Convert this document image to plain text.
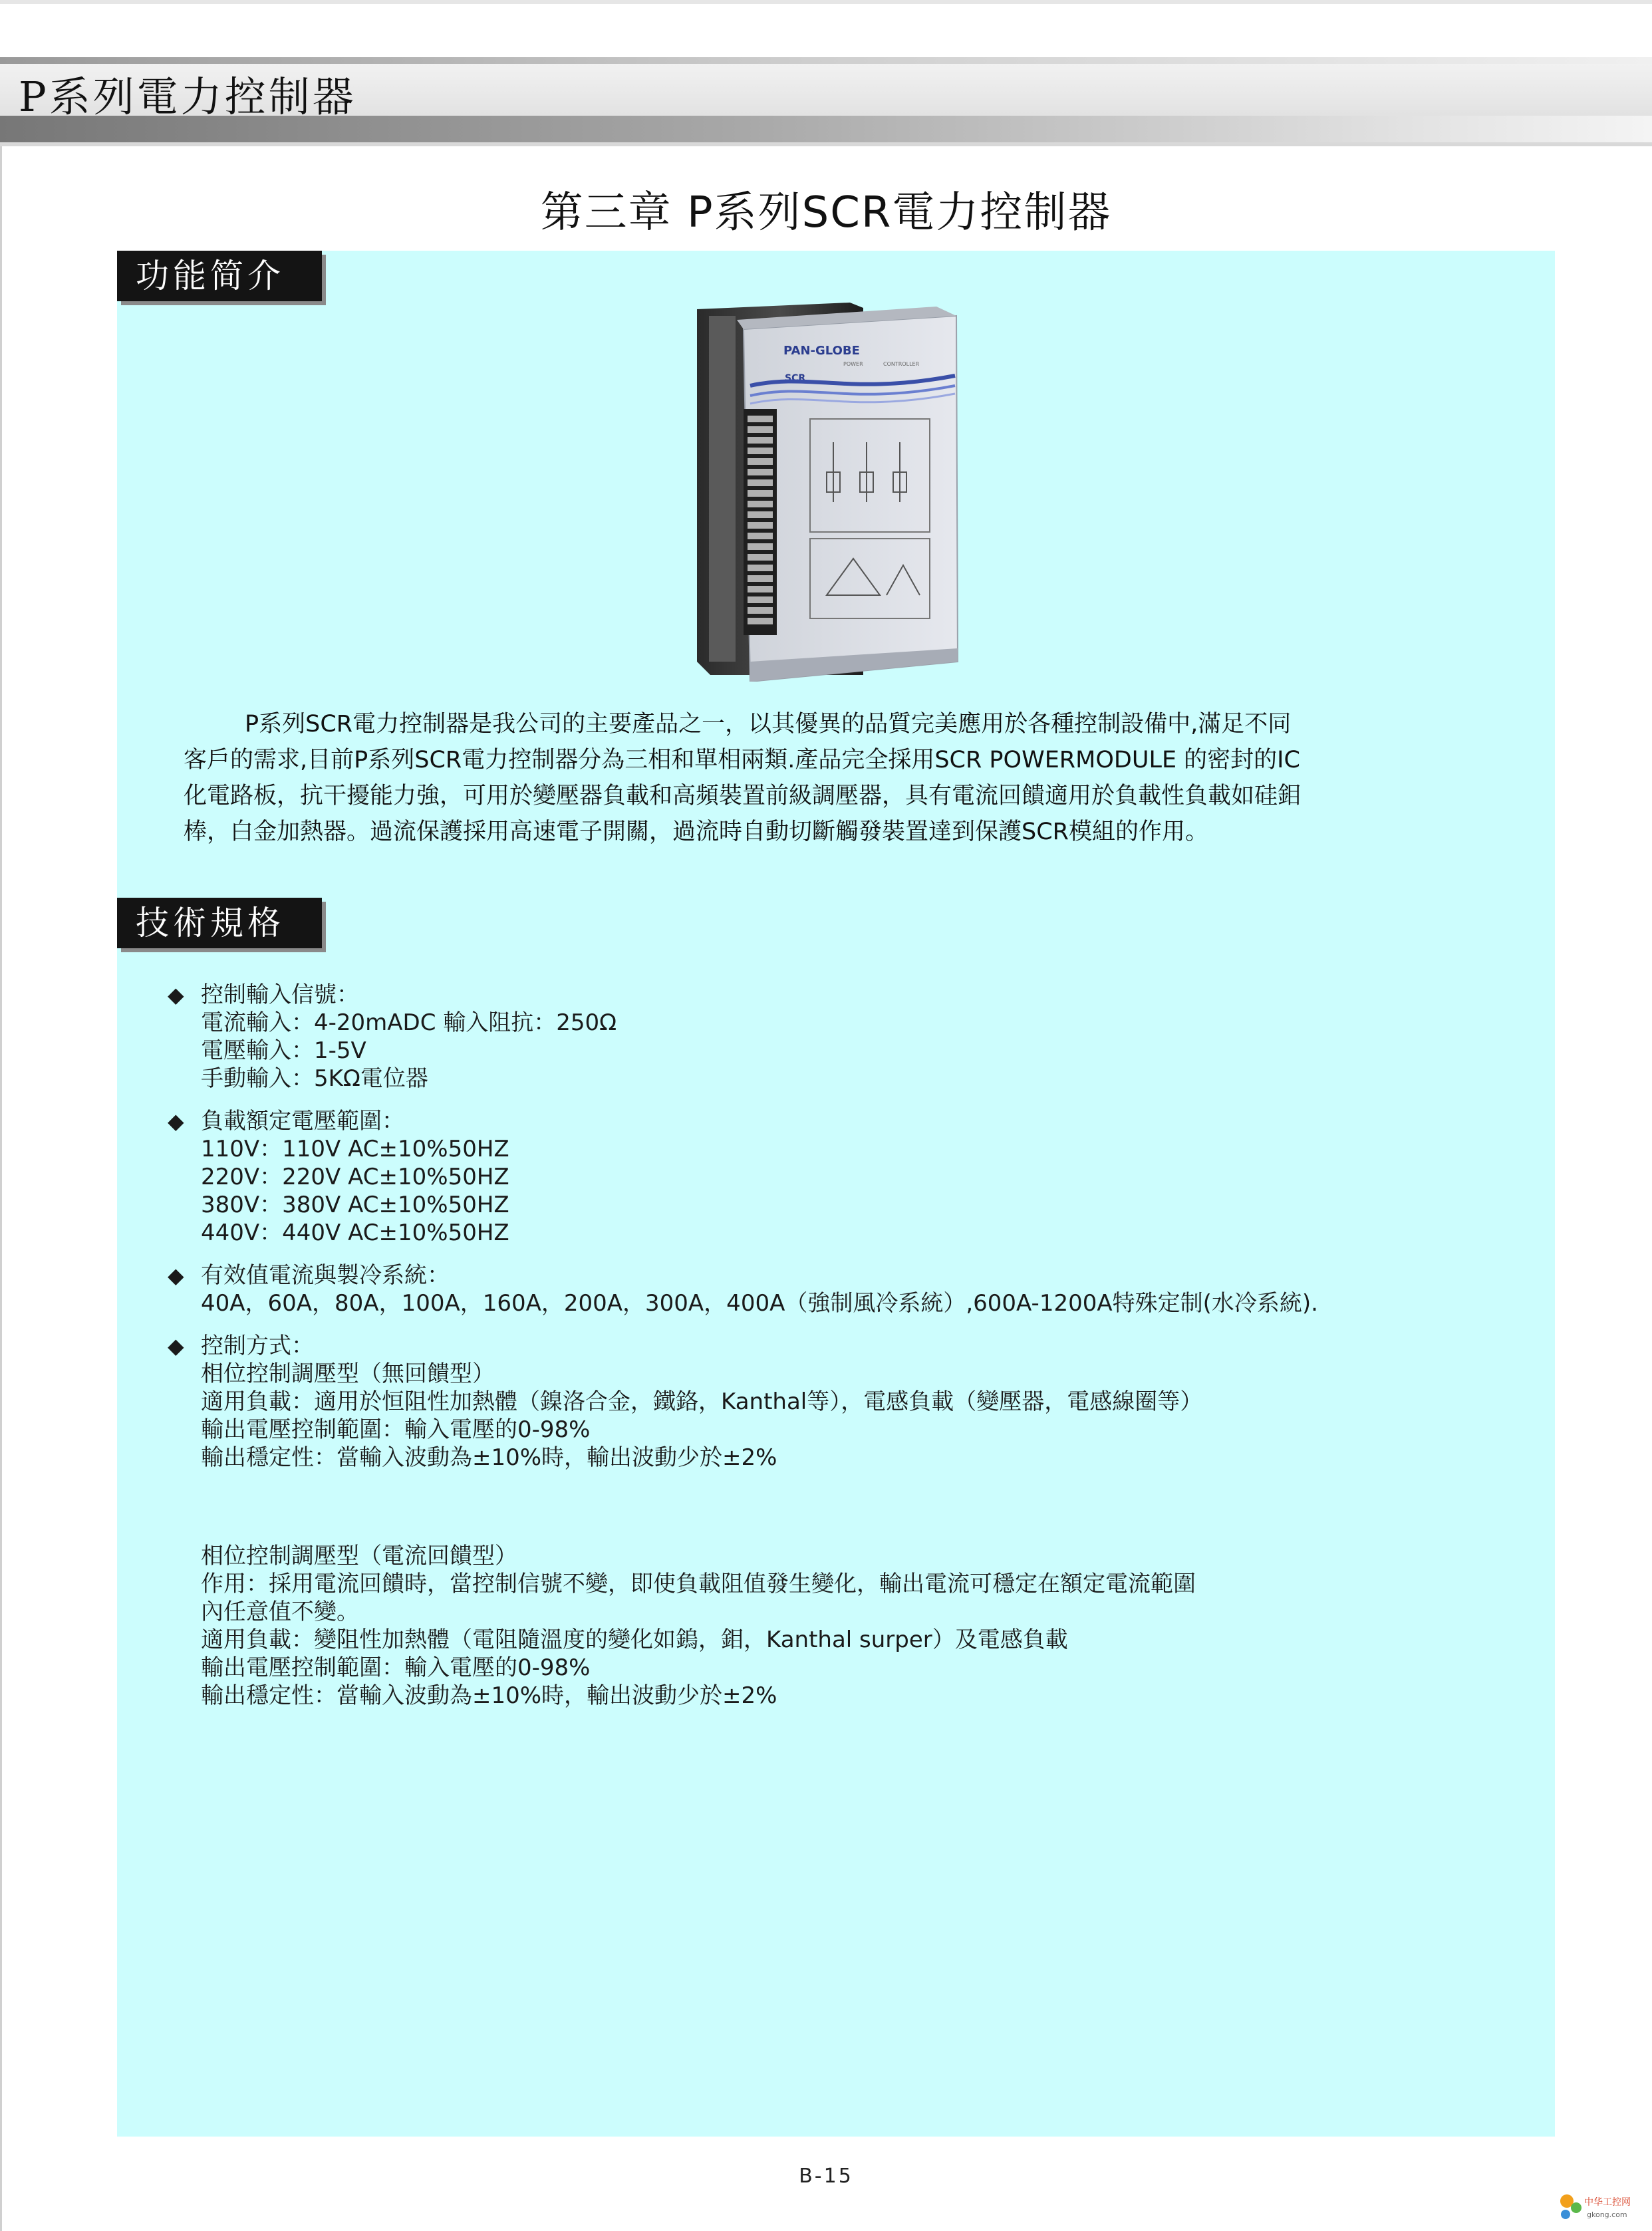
P系列電力控制器
第三章 P系列SCR電力控制器
功能简介
PAN-GLOBE
SCR
POWER	CONTROLLER

P系列SCR電力控制器是我公司的主要產品之一，以其優異的品質完美應用於各種控制設備中,滿足不同

客戶的需求,目前P系列SCR電力控制器分為三相和單相兩類.產品完全採用SCR POWERMODULE 的密封的IC
化電路板，抗干擾能力強，可用於變壓器負載和高頻裝置前級調壓器，具有電流回饋適用於負載性負載如硅鉬
棒，白金加熱器。過流保護採用高速電子開關，過流時自動切斷觸發裝置達到保護SCR模組的作用。
技術規格
◆ 控制輸入信號：
電流輸入：4-20mADC 輸入阻抗：250Ω
電壓輸入：1-5V
手動輸入：5KΩ電位器
◆ 負載額定電壓範圍：
110V：110V AC±10%50HZ
220V：220V AC±10%50HZ
380V：380V AC±10%50HZ
440V：440V AC±10%50HZ
◆ 有效值電流與製冷系統：
40A，60A，80A，100A，160A，200A，300A，400A（強制風冷系統）,600A-1200A特殊定制(水冷系統).
◆ 控制方式：
相位控制調壓型（無回饋型）
適用負載：適用於恒阻性加熱體（鎳洛合金，鐵鉻，Kanthal等），電感負載（變壓器，電感線圈等）
輸出電壓控制範圍：輸入電壓的0-98%
輸出穩定性：當輸入波動為±10%時，輸出波動少於±2%
相位控制調壓型（電流回饋型）
作用：採用電流回饋時，當控制信號不變，即使負載阻值發生變化，輸出電流可穩定在額定電流範圍
內任意值不變。
適用負載：變阻性加熱體（電阻隨溫度的變化如鎢，鉬，Kanthal surper）及電感負載
輸出電壓控制範圍：輸入電壓的0-98%
輸出穩定性：當輸入波動為±10%時，輸出波動少於±2%
B-15
中华工控网
gkong.com
